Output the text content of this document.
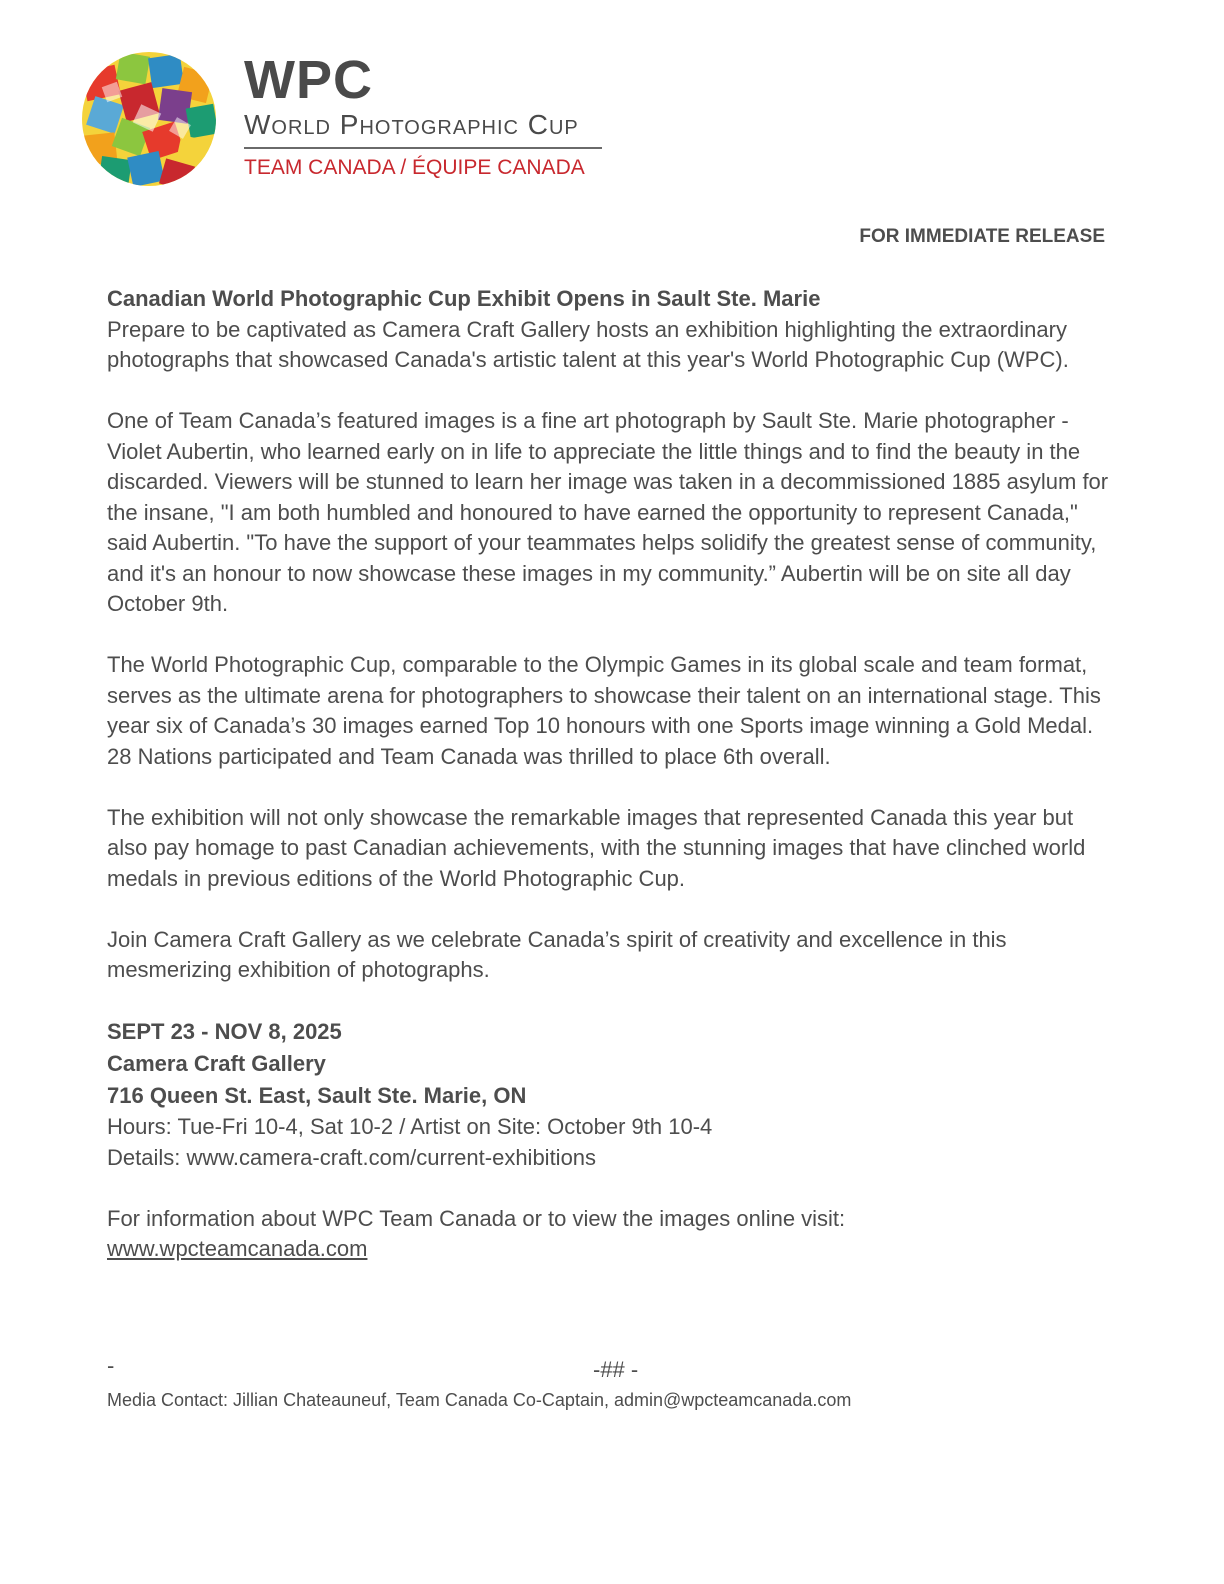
WPC
World Photographic Cup
TEAM CANADA / ÉQUIPE CANADA
FOR IMMEDIATE RELEASE

Canadian World Photographic Cup Exhibit Opens in Sault Ste. Marie

Prepare to be captivated as Camera Craft Gallery hosts an exhibition highlighting the extraordinary photographs that showcased Canada's artistic talent at this year's World Photographic Cup (WPC).

One of Team Canada’s featured images is a fine art photograph by Sault Ste. Marie photographer - Violet Aubertin, who learned early on in life to appreciate the little things and to find the beauty in the discarded. Viewers will be stunned to learn her image was taken in a decommissioned 1885 asylum for the insane, "I am both humbled and honoured to have earned the opportunity to represent Canada," said Aubertin. "To have the support of your teammates helps solidify the greatest sense of community, and it's an honour to now showcase these images in my community.” Aubertin will be on site all day October 9th.

The World Photographic Cup, comparable to the Olympic Games in its global scale and team format, serves as the ultimate arena for photographers to showcase their talent on an international stage. This year six of Canada’s 30 images earned Top 10 honours with one Sports image winning a Gold Medal. 28 Nations participated and Team Canada was thrilled to place 6th overall.

The exhibition will not only showcase the remarkable images that represented Canada this year but also pay homage to past Canadian achievements, with the stunning images that have clinched world medals in previous editions of the World Photographic Cup.

Join Camera Craft Gallery as we celebrate Canada’s spirit of creativity and excellence in this mesmerizing exhibition of photographs.

SEPT 23 - NOV 8, 2025

Camera Craft Gallery

716 Queen St. East, Sault Ste. Marie, ON

Hours: Tue-Fri 10-4, Sat 10-2 / Artist on Site: October 9th 10-4

Details: www.camera-craft.com/current-exhibitions

For information about WPC Team Canada or to view the images online visit:

www.wpcteamcanada.com

-	-## -
Media Contact: Jillian Chateauneuf, Team Canada Co-Captain, admin@wpcteamcanada.com
